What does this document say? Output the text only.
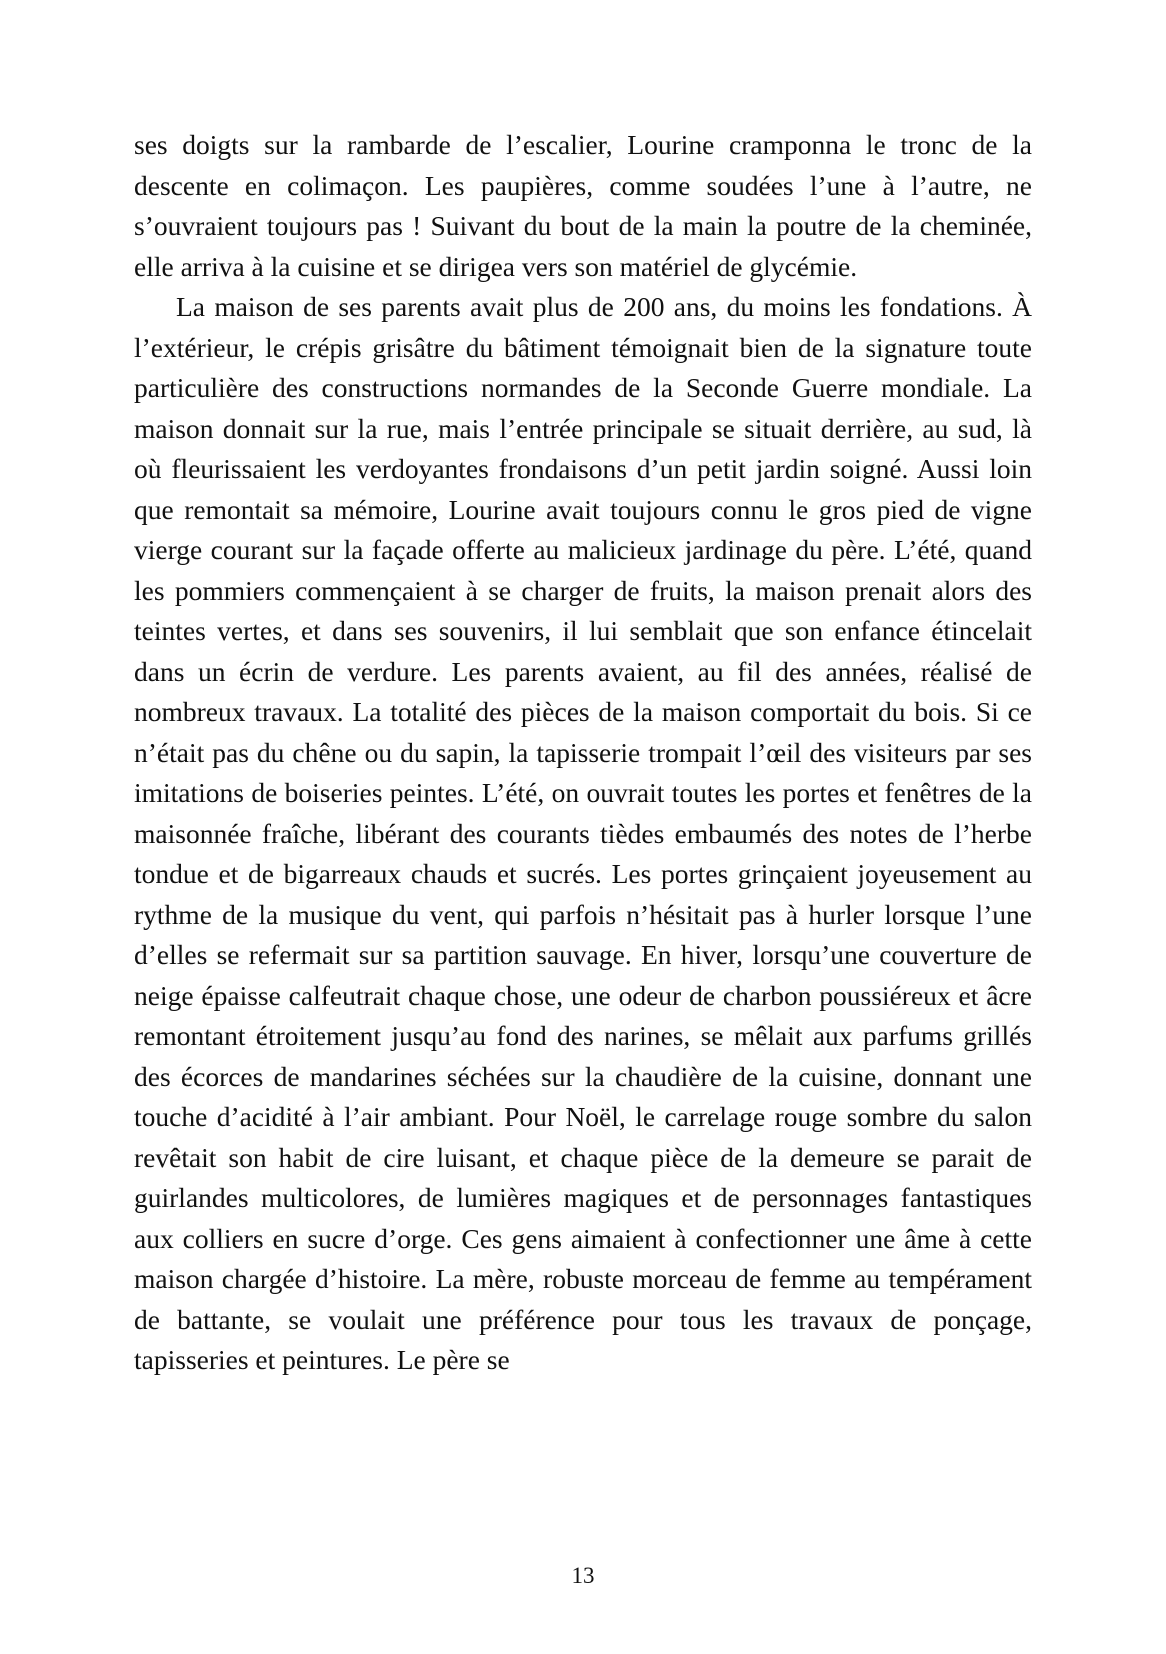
ses doigts sur la rambarde de l’escalier, Lourine cramponna le tronc de la descente en colimaçon. Les paupières, comme soudées l’une à l’autre, ne s’ouvraient toujours pas ! Suivant du bout de la main la poutre de la cheminée, elle arriva à la cuisine et se dirigea vers son matériel de glycémie.

La maison de ses parents avait plus de 200 ans, du moins les fondations. À l’extérieur, le crépis grisâtre du bâtiment témoignait bien de la signature toute particulière des constructions normandes de la Seconde Guerre mondiale. La maison donnait sur la rue, mais l’entrée principale se situait derrière, au sud, là où fleurissaient les verdoyantes frondaisons d’un petit jardin soigné. Aussi loin que remontait sa mémoire, Lourine avait toujours connu le gros pied de vigne vierge courant sur la façade offerte au malicieux jardinage du père. L’été, quand les pommiers commençaient à se charger de fruits, la maison prenait alors des teintes vertes, et dans ses souvenirs, il lui semblait que son enfance étincelait dans un écrin de verdure. Les parents avaient, au fil des années, réalisé de nombreux travaux. La totalité des pièces de la maison comportait du bois. Si ce n’était pas du chêne ou du sapin, la tapisserie trompait l’œil des visiteurs par ses imitations de boiseries peintes. L’été, on ouvrait toutes les portes et fenêtres de la maisonnée fraîche, libérant des courants tièdes embaumés des notes de l’herbe tondue et de bigarreaux chauds et sucrés. Les portes grinçaient joyeusement au rythme de la musique du vent, qui parfois n’hésitait pas à hurler lorsque l’une d’elles se refermait sur sa partition sauvage. En hiver, lorsqu’une couverture de neige épaisse calfeutrait chaque chose, une odeur de charbon poussiéreux et âcre remontant étroitement jusqu’au fond des narines, se mêlait aux parfums grillés des écorces de mandarines séchées sur la chaudière de la cuisine, donnant une touche d’acidité à l’air ambiant. Pour Noël, le carrelage rouge sombre du salon revêtait son habit de cire luisant, et chaque pièce de la demeure se parait de guirlandes multicolores, de lumières magiques et de personnages fantastiques aux colliers en sucre d’orge. Ces gens aimaient à confectionner une âme à cette maison chargée d’histoire. La mère, robuste morceau de femme au tempérament de battante, se voulait une préférence pour tous les travaux de ponçage, tapisseries et peintures. Le père se

13
